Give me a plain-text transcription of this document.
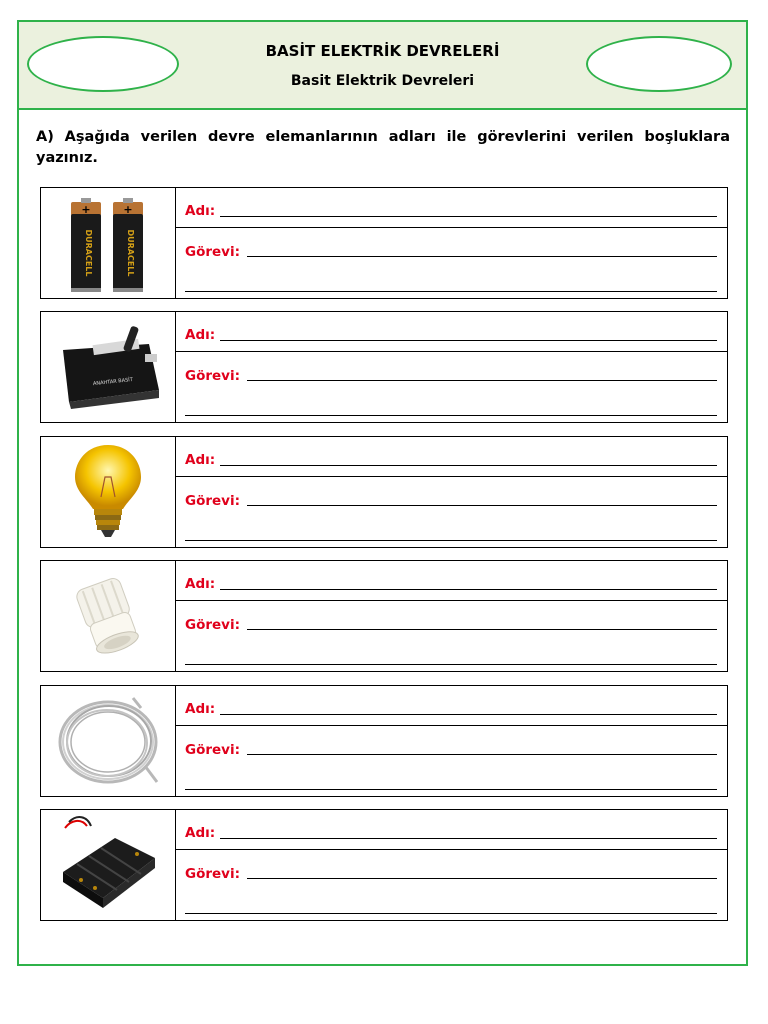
BASİT ELEKTRİK DEVRELERİ
Basit Elektrik Devreleri
A) Aşağıda verilen devre elemanlarının adları ile görevlerini verilen boşluklara yazınız.
+
DURACELL
+
DURACELL
Adı:
Görevi:
ANAHTAR BASİT
Adı:
Görevi:
Adı:
Görevi:
Adı:
Görevi:
Adı:
Görevi:
Adı:
Görevi:
